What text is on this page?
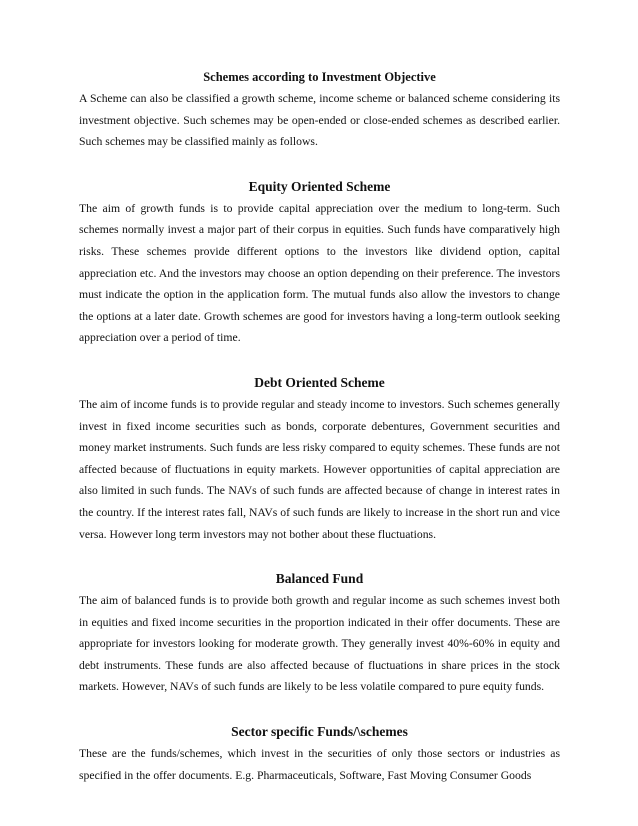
Schemes according to Investment Objective

A Scheme can also be classified a growth scheme, income scheme or balanced scheme considering its investment objective. Such schemes may be open-ended or close-ended schemes as described earlier. Such schemes may be classified mainly as follows.

Equity Oriented Scheme

The aim of growth funds is to provide capital appreciation over the medium to long-term. Such schemes normally invest a major part of their corpus in equities. Such funds have comparatively high risks. These schemes provide different options to the investors like dividend option, capital appreciation etc. And the investors may choose an option depending on their preference. The investors must indicate the option in the application form. The mutual funds also allow the investors to change the options at a later date. Growth schemes are good for investors having a long-term outlook seeking appreciation over a period of time.

Debt Oriented Scheme

The aim of income funds is to provide regular and steady income to investors. Such schemes generally invest in fixed income securities such as bonds, corporate debentures, Government securities and money market instruments. Such funds are less risky compared to equity schemes. These funds are not affected because of fluctuations in equity markets. However opportunities of capital appreciation are also limited in such funds. The NAVs of such funds are affected because of change in interest rates in the country. If the interest rates fall, NAVs of such funds are likely to increase in the short run and vice versa. However long term investors may not bother about these fluctuations.

Balanced Fund

The aim of balanced funds is to provide both growth and regular income as such schemes invest both in equities and fixed income securities in the proportion indicated in their offer documents. These are appropriate for investors looking for moderate growth. They generally invest 40%-60% in equity and debt instruments. These funds are also affected because of fluctuations in share prices in the stock markets. However, NAVs of such funds are likely to be less volatile compared to pure equity funds.

Sector specific Funds/\schemes

These are the funds/schemes, which invest in the securities of only those sectors or industries as specified in the offer documents. E.g. Pharmaceuticals, Software, Fast Moving Consumer Goods
